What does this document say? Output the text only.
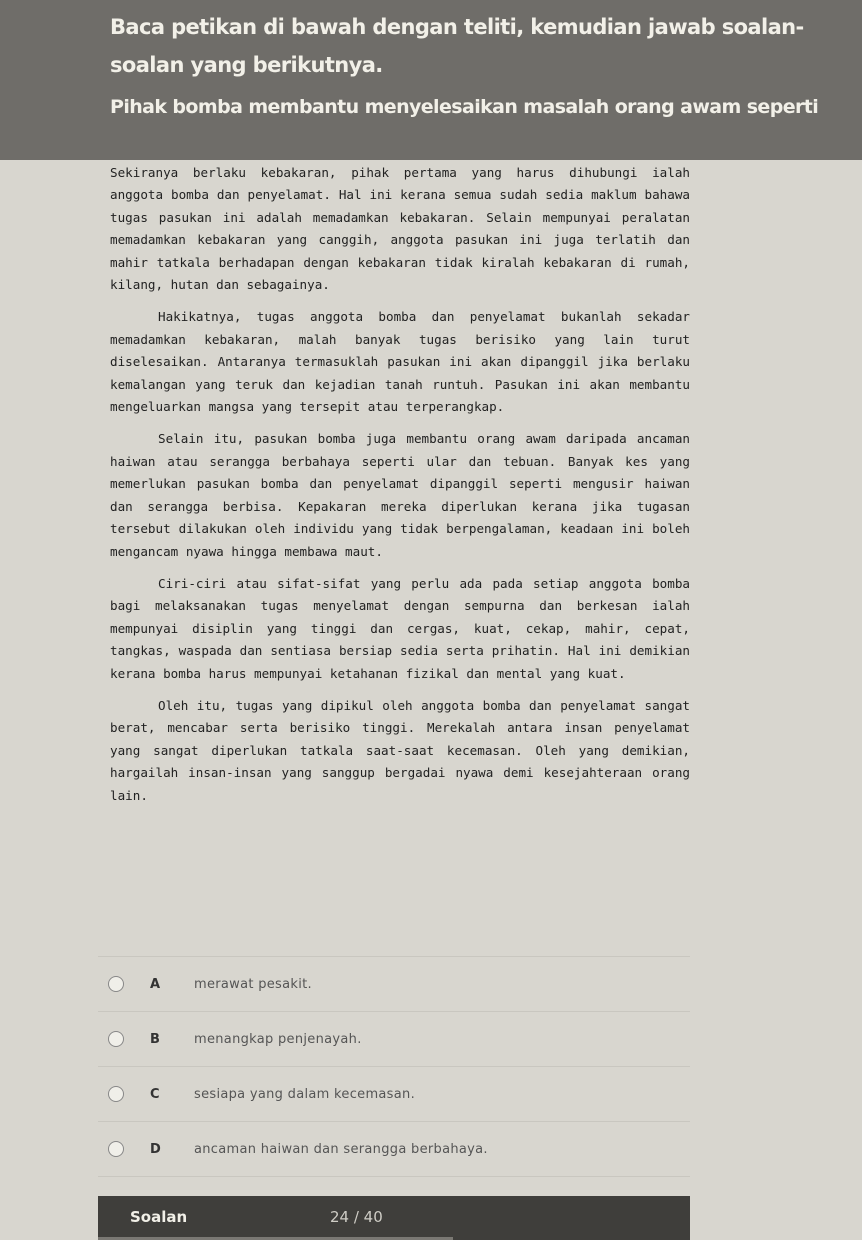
Baca petikan di bawah dengan teliti, kemudian jawab soalan-soalan yang berikutnya.
Pihak bomba membantu menyelesaikan masalah orang awam seperti

Sekiranya berlaku kebakaran, pihak pertama yang harus dihubungi ialah anggota bomba dan penyelamat. Hal ini kerana semua sudah sedia maklum bahawa tugas pasukan ini adalah memadamkan kebakaran. Selain mempunyai peralatan memadamkan kebakaran yang canggih, anggota pasukan ini juga terlatih dan mahir tatkala berhadapan dengan kebakaran tidak kiralah kebakaran di rumah, kilang, hutan dan sebagainya.

Hakikatnya, tugas anggota bomba dan penyelamat bukanlah sekadar memadamkan kebakaran, malah banyak tugas berisiko yang lain turut diselesaikan. Antaranya termasuklah pasukan ini akan dipanggil jika berlaku kemalangan yang teruk dan kejadian tanah runtuh. Pasukan ini akan membantu mengeluarkan mangsa yang tersepit atau terperangkap.

Selain itu, pasukan bomba juga membantu orang awam daripada ancaman haiwan atau serangga berbahaya seperti ular dan tebuan. Banyak kes yang memerlukan pasukan bomba dan penyelamat dipanggil seperti mengusir haiwan dan serangga berbisa. Kepakaran mereka diperlukan kerana jika tugasan tersebut dilakukan oleh individu yang tidak berpengalaman, keadaan ini boleh mengancam nyawa hingga membawa maut.

Ciri-ciri atau sifat-sifat yang perlu ada pada setiap anggota bomba bagi melaksanakan tugas menyelamat dengan sempurna dan berkesan ialah mempunyai disiplin yang tinggi dan cergas, kuat, cekap, mahir, cepat, tangkas, waspada dan sentiasa bersiap sedia serta prihatin. Hal ini demikian kerana bomba harus mempunyai ketahanan fizikal dan mental yang kuat.

Oleh itu, tugas yang dipikul oleh anggota bomba dan penyelamat sangat berat, mencabar serta berisiko tinggi. Merekalah antara insan penyelamat yang sangat diperlukan tatkala saat-saat kecemasan. Oleh yang demikian, hargailah insan-insan yang sanggup bergadai nyawa demi kesejahteraan orang lain.

A	merawat pesakit.
B	menangkap penjenayah.
C	sesiapa yang dalam kecemasan.
D	ancaman haiwan dan serangga berbahaya.
Soalan	24 / 40
